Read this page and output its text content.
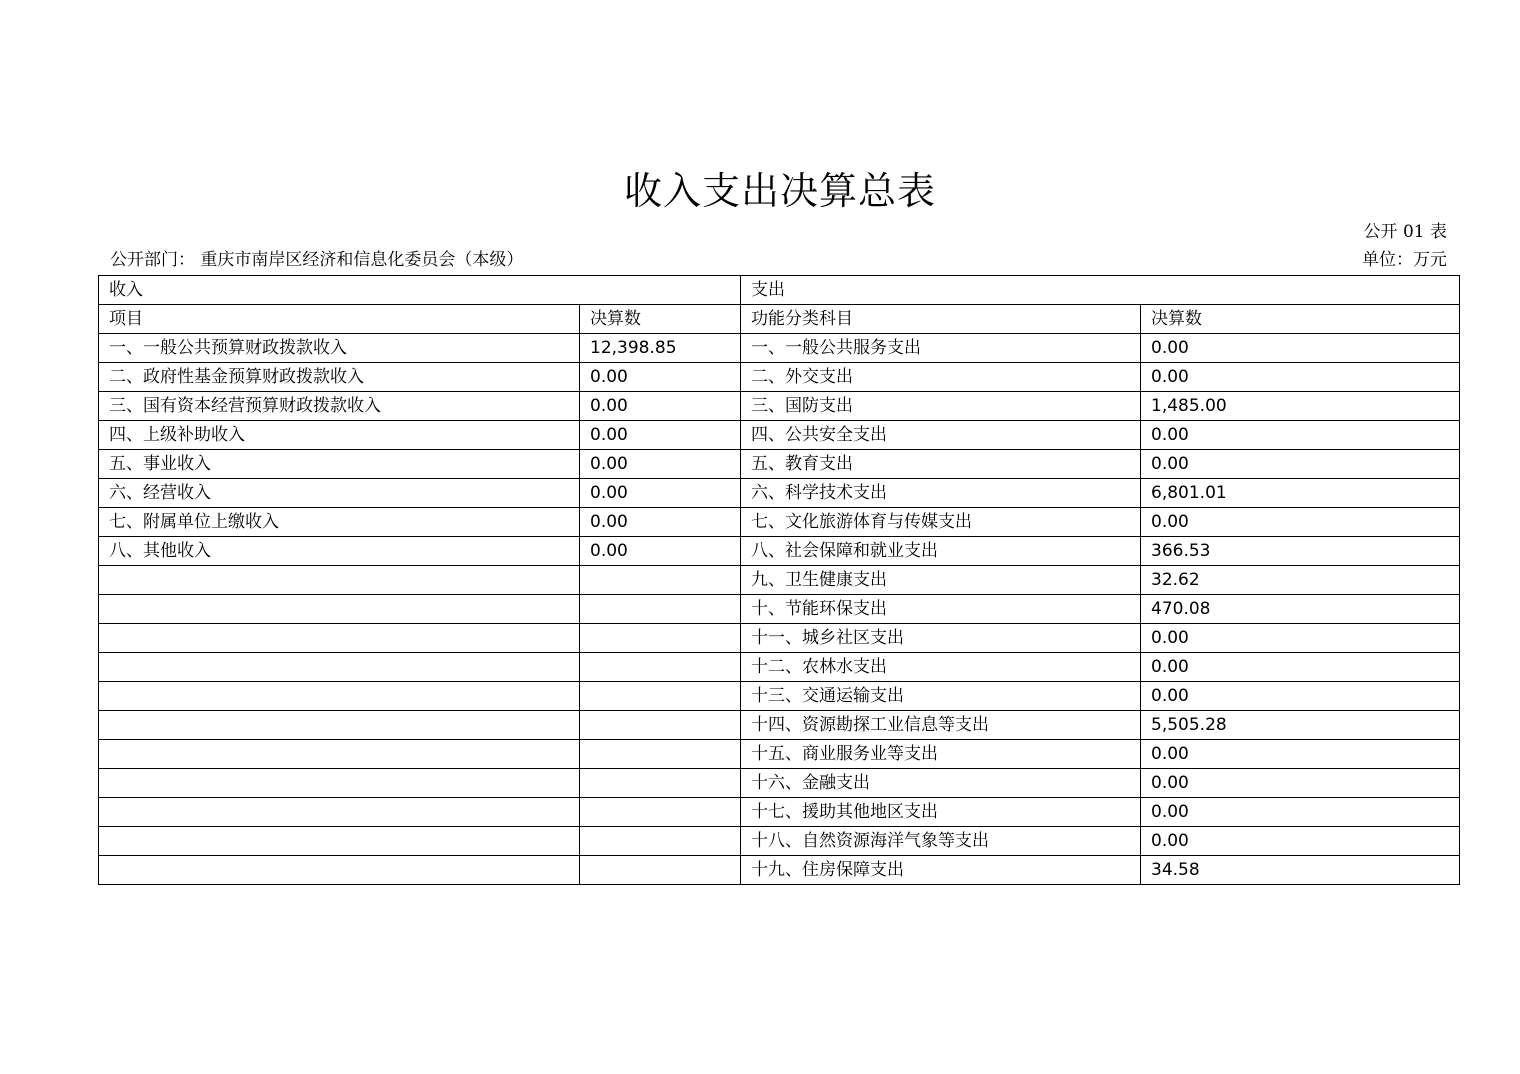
收入支出决算总表
公开 01 表
公开部门： 重庆市南岸区经济和信息化委员会（本级）	单位：万元
收入		支出	
项目	决算数	功能分类科目	决算数
一、一般公共预算财政拨款收入	12,398.85	一、一般公共服务支出	0.00
二、政府性基金预算财政拨款收入	0.00	二、外交支出	0.00
三、国有资本经营预算财政拨款收入	0.00	三、国防支出	1,485.00
四、上级补助收入	0.00	四、公共安全支出	0.00
五、事业收入	0.00	五、教育支出	0.00
六、经营收入	0.00	六、科学技术支出	6,801.01
七、附属单位上缴收入	0.00	七、文化旅游体育与传媒支出	0.00
八、其他收入	0.00	八、社会保障和就业支出	366.53
		九、卫生健康支出	32.62
		十、节能环保支出	470.08
		十一、城乡社区支出	0.00
		十二、农林水支出	0.00
		十三、交通运输支出	0.00
		十四、资源勘探工业信息等支出	5,505.28
		十五、商业服务业等支出	0.00
		十六、金融支出	0.00
		十七、援助其他地区支出	0.00
		十八、自然资源海洋气象等支出	0.00
		十九、住房保障支出	34.58
